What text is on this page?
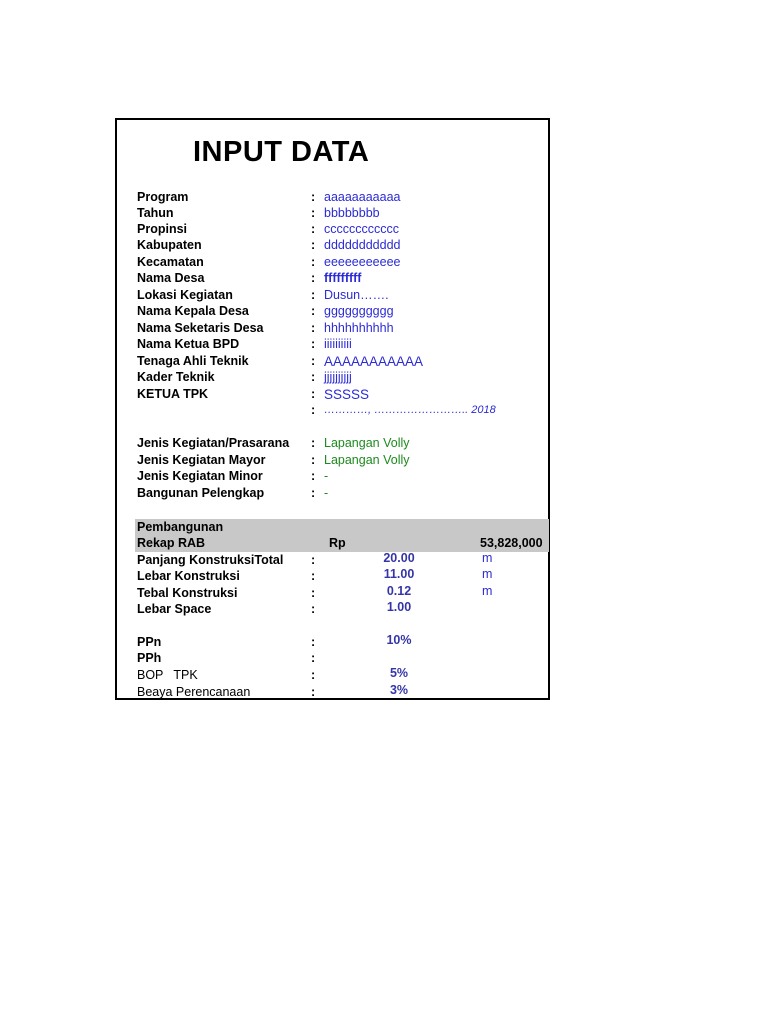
INPUT DATA
Program	: aaaaaaaaaaa
Tahun	: bbbbbbbb
Propinsi	: cccccccccccc
Kabupaten	: ddddddddddd
Kecamatan	: eeeeeeeeeee
Nama Desa	: fffffffff
Lokasi Kegiatan	: Dusun…….
Nama Kepala Desa	: gggggggggg
Nama Seketaris Desa	: hhhhhhhhhh
Nama Ketua BPD	: iiiiiiiiii
Tenaga Ahli Teknik	: AAAAAAAAAAA
Kader Teknik	: jjjjjjjjjj
KETUA TPK	: SSSSS
: …………, …………………….. 2018
Jenis Kegiatan/Prasarana : Lapangan Volly
Jenis Kegiatan Mayor	: Lapangan Volly
Jenis Kegiatan Minor	: -
Bangunan Pelengkap	: -
Pembangunan
Rekap RAB	Rp	53,828,000
Panjang KonstruksiTotal :	20.00	m
Lebar Konstruksi	:	11.00	m
Tebal Konstruksi	:	0.12	m
Lebar Space	:	1.00
PPn	:	10%
PPh	:
BOP   TPK	:	5%
Beaya Perencanaan	:	3%
